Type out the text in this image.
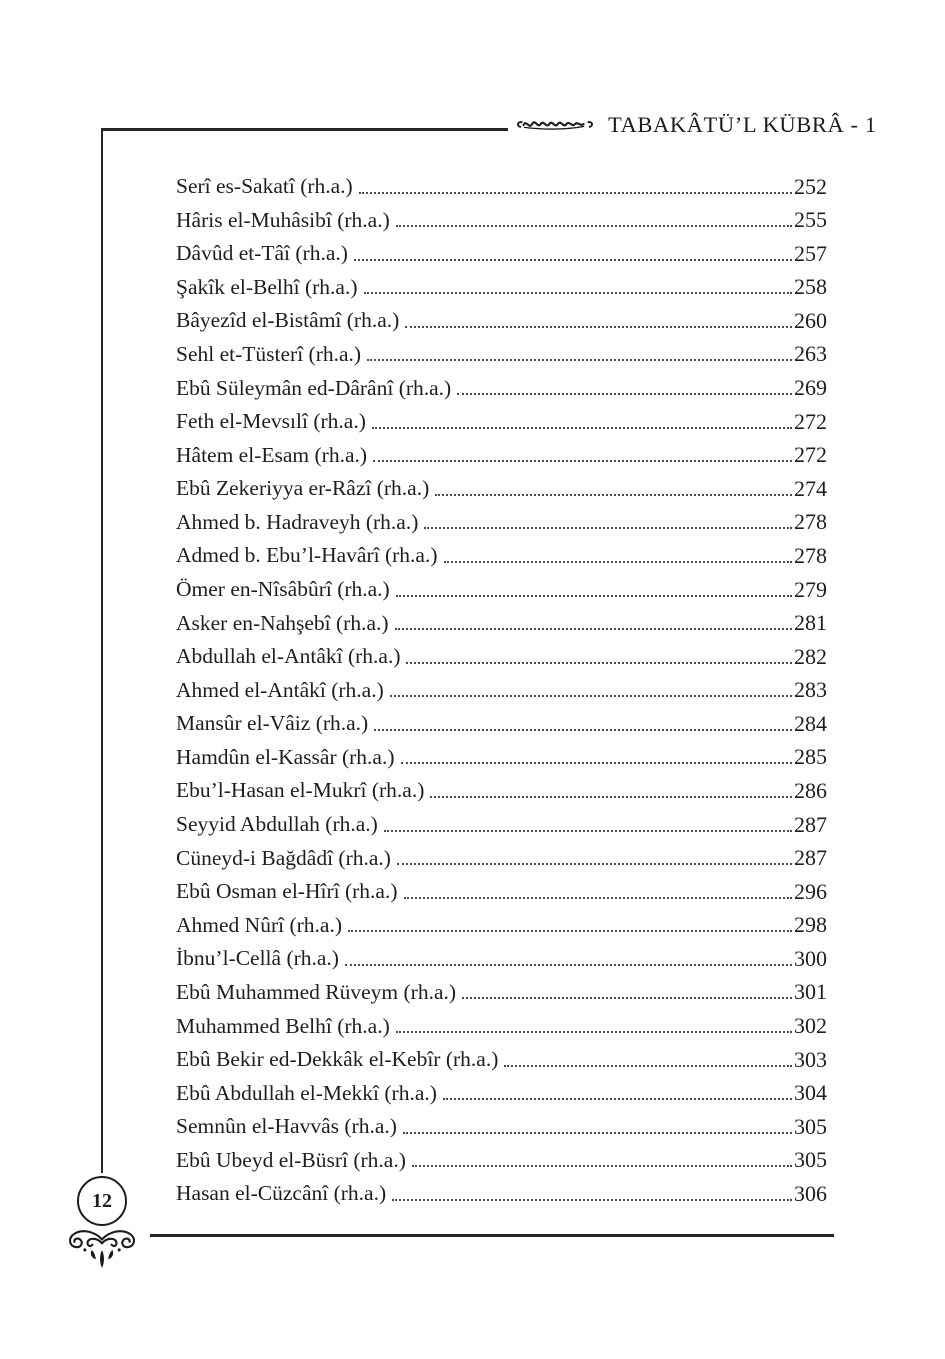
TABAKÂTÜ’L KÜBRÂ - 1
Serî es-Sakatî (rh.a.)	252
Hâris el-Muhâsibî (rh.a.)	255
Dâvûd et-Tâî (rh.a.)	257
Şakîk el-Belhî (rh.a.)	258
Bâyezîd el-Bistâmî (rh.a.)	260
Sehl et-Tüsterî (rh.a.)	263
Ebû Süleymân ed-Dârânî (rh.a.)	269
Feth el-Mevsılî (rh.a.)	272
Hâtem el-Esam (rh.a.)	272
Ebû Zekeriyya er-Râzî (rh.a.)	274
Ahmed b. Hadraveyh (rh.a.)	278
Admed b. Ebu’l-Havârî (rh.a.)	278
Ömer en-Nîsâbûrî (rh.a.)	279
Asker en-Nahşebî (rh.a.)	281
Abdullah el-Antâkî (rh.a.)	282
Ahmed el-Antâkî (rh.a.)	283
Mansûr el-Vâiz (rh.a.)	284
Hamdûn el-Kassâr (rh.a.)	285
Ebu’l-Hasan el-Mukrî (rh.a.)	286
Seyyid Abdullah (rh.a.)	287
Cüneyd-i Bağdâdî (rh.a.)	287
Ebû Osman el-Hîrî (rh.a.)	296
Ahmed Nûrî (rh.a.)	298
İbnu’l-Cellâ (rh.a.)	300
Ebû Muhammed Rüveym (rh.a.)	301
Muhammed Belhî (rh.a.)	302
Ebû Bekir ed-Dekkâk el-Kebîr (rh.a.)	303
Ebû Abdullah el-Mekkî (rh.a.)	304
Semnûn el-Havvâs (rh.a.)	305
Ebû Ubeyd el-Büsrî (rh.a.)	305
Hasan el-Cüzcânî (rh.a.)	306
12
